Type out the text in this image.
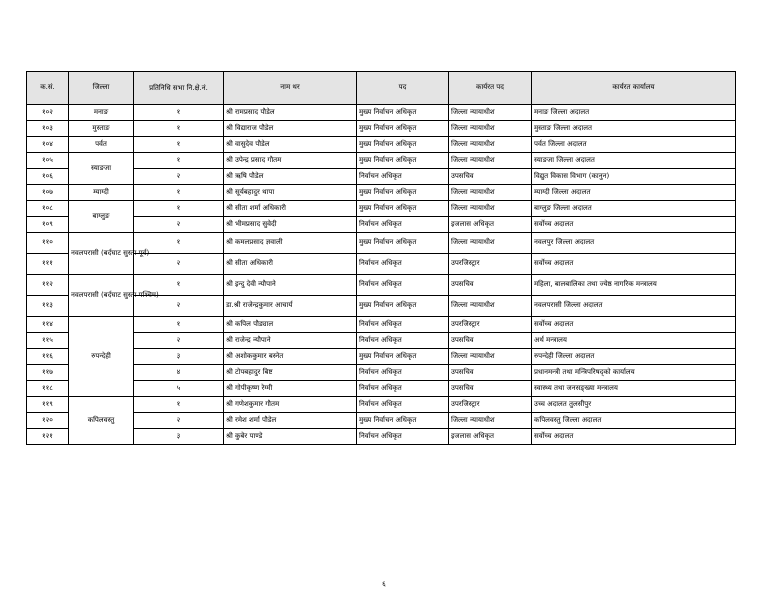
क.सं.	जिल्ला	प्रतिनिधि सभा नि.क्षे.नं.	नाम थर	पद	कार्यरत पद	कार्यरत कार्यालय
१०२	मनाङ	१	श्री रामप्रसाद पौडेल	मुख्य निर्वाचन अधिकृत	जिल्ला न्यायाधीश	मनाङ जिल्ला अदालत
१०३	मुस्ताङ	१	श्री विद्याराज पौडेल	मुख्य निर्वाचन अधिकृत	जिल्ला न्यायाधीश	मुस्ताङ जिल्ला अदालत
१०४	पर्वत	१	श्री वासुदेव पौडेल	मुख्य निर्वाचन अधिकृत	जिल्ला न्यायाधीश	पर्वत जिल्ला अदालत
१०५	स्याङजा	१	श्री उपेन्द्र प्रसाद गौतम	मुख्य निर्वाचन अधिकृत	जिल्ला न्यायाधीश	स्याङजा जिल्ला अदालत
१०६		२	श्री ऋषि पौडेल	निर्वाचन अधिकृत	उपसचिव	विद्युत विकास विभाग (कानुन)
१०७	म्याग्दी	१	श्री सूर्यबहादुर थापा	मुख्य निर्वाचन अधिकृत	जिल्ला न्यायाधीश	म्याग्दी जिल्ला अदालत
१०८	बाग्लुङ	१	श्री सीता शर्मा अधिकारी	मुख्य निर्वाचन अधिकृत	जिल्ला न्यायाधीश	बाग्लुङ जिल्ला अदालत
१०९		२	श्री भीमप्रसाद सुवेदी	निर्वाचन अधिकृत	इजलास अधिकृत	सर्वोच्च अदालत
११०	नवलपरासी (बर्दघाट सुस्ता पूर्व)	१	श्री कमलप्रसाद ज्ञवाली	मुख्य निर्वाचन अधिकृत	जिल्ला न्यायाधीश	नवलपुर जिल्ला अदालत
१११		२	श्री सीता अधिकारी	निर्वाचन अधिकृत	उपरजिस्ट्रार	सर्वोच्च अदालत
११२	नवलपरासी (बर्दघाट सुस्ता पश्चिम)	१	श्री इन्दु देवी न्यौपाने	निर्वाचन अधिकृत	उपसचिव	महिला, बालबालिका तथा ज्येष्ठ नागरिक मन्त्रालय
११३		२	डा.श्री राजेन्द्रकुमार आचार्य	मुख्य निर्वाचन अधिकृत	जिल्ला न्यायाधीश	नवलपरासी जिल्ला अदालत
११४	रुपन्देही	१	श्री कपिल पौड्याल	निर्वाचन अधिकृत	उपरजिस्ट्रार	सर्वोच्च अदालत
११५		२	श्री राजेन्द्र न्यौपाने	निर्वाचन अधिकृत	उपसचिव	अर्थ मन्त्रालय
११६		३	श्री अशोककुमार बस्नेत	मुख्य निर्वाचन अधिकृत	जिल्ला न्यायाधीश	रुपन्देही जिल्ला अदालत
११७		४	श्री टोपबहादुर बिष्ट	निर्वाचन अधिकृत	उपसचिव	प्रधानमन्त्री तथा मन्त्रिपरिषद्को कार्यालय
११८		५	श्री गोपीकृष्ण रेग्मी	निर्वाचन अधिकृत	उपसचिव	स्वास्थ्य तथा जनसङ्ख्या मन्त्रालय
११९	कपिलवस्तु	१	श्री गणेशकुमार गौतम	निर्वाचन अधिकृत	उपरजिस्ट्रार	उच्च अदालत तुलसीपुर
१२०		२	श्री रमेश शर्मा पौडेल	मुख्य निर्वाचन अधिकृत	जिल्ला न्यायाधीश	कपिलवस्तु जिल्ला अदालत
१२१		३	श्री कुबेर पाण्डे	निर्वाचन अधिकृत	इजलास अधिकृत	सर्वोच्च अदालत
६
